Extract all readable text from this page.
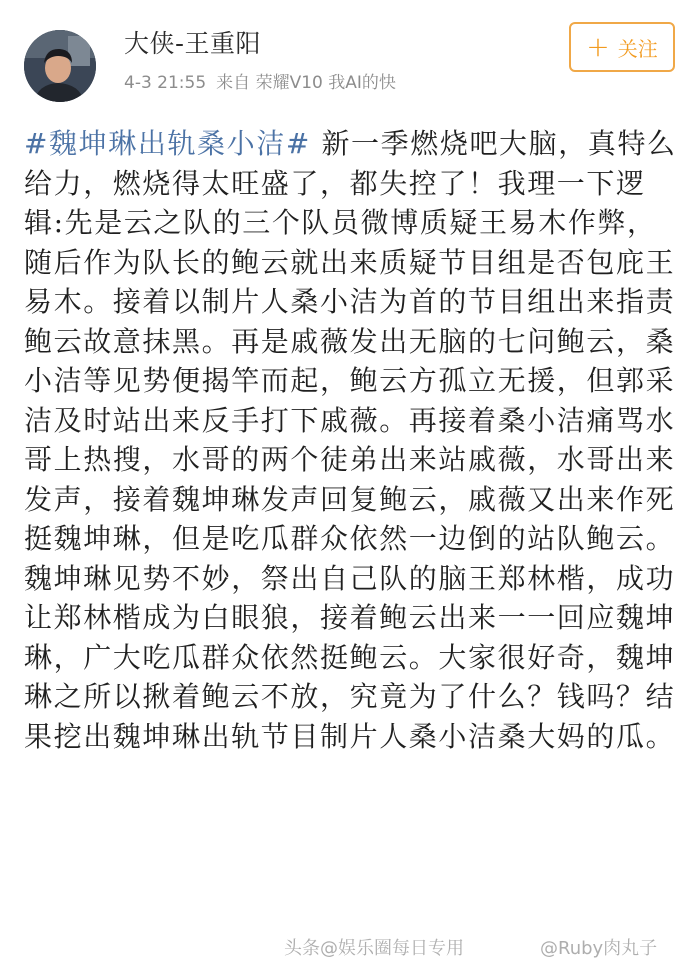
大侠-王重阳
4-3 21:55 来自 荣耀V10 我AI的快
+ 关注
#魏坤琳出轨桑小洁# 新一季燃烧吧大脑，真特么给力，燃烧得太旺盛了，都失控了！我理一下逻辑:先是云之队的三个队员微博质疑王易木作弊，随后作为队长的鲍云就出来质疑节目组是否包庇王易木。接着以制片人桑小洁为首的节目组出来指责鲍云故意抹黑。再是戚薇发出无脑的七问鲍云，桑小洁等见势便揭竿而起，鲍云方孤立无援，但郭采洁及时站出来反手打下戚薇。再接着桑小洁痛骂水哥上热搜，水哥的两个徒弟出来站戚薇，水哥出来发声，接着魏坤琳发声回复鲍云，戚薇又出来作死挺魏坤琳，但是吃瓜群众依然一边倒的站队鲍云。魏坤琳见势不妙，祭出自己队的脑王郑林楷，成功让郑林楷成为白眼狼，接着鲍云出来一一回应魏坤琳，广大吃瓜群众依然挺鲍云。大家很好奇，魏坤琳之所以揪着鲍云不放，究竟为了什么？钱吗？结果挖出魏坤琳出轨节目制片人桑小洁桑大妈的瓜。
头条@娱乐圈每日专用	@Ruby肉丸子
